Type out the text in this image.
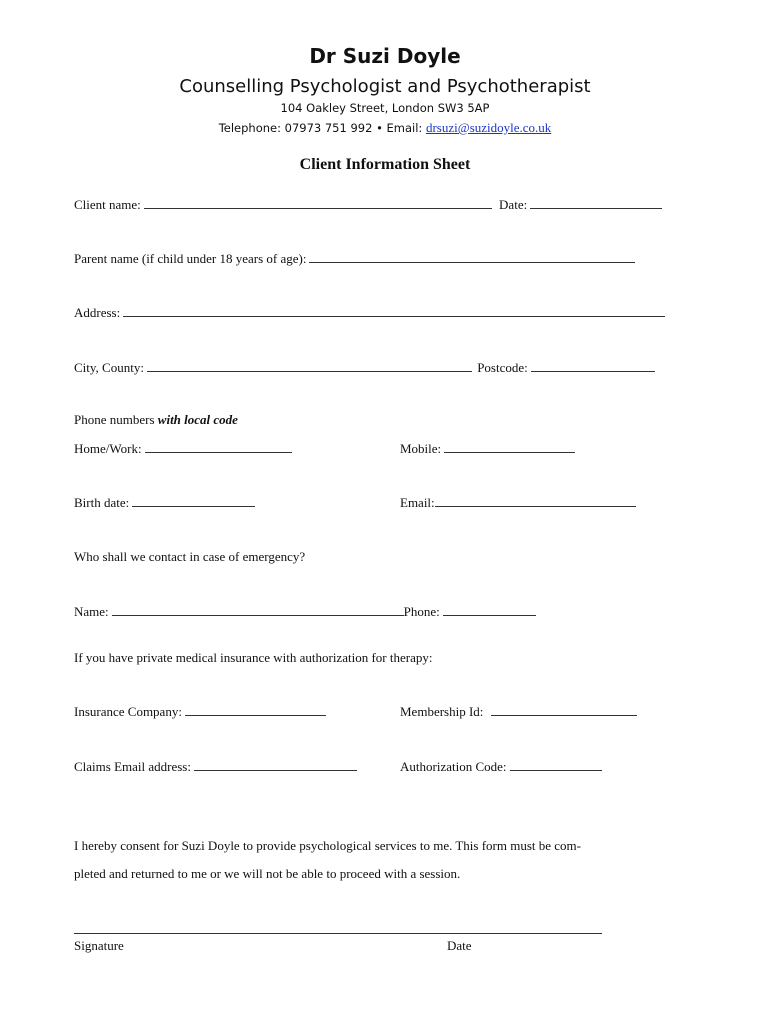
Dr Suzi Doyle
Counselling Psychologist and Psychotherapist
104 Oakley Street, London SW3 5AP
Telephone: 07973 751 992 • Email: drsuzi@suzidoyle.co.uk
Client Information Sheet
Client name:	Date:
Parent name (if child under 18 years of age):
Address:
City, County:	Postcode:
Phone numbers with local code
Home/Work:	Mobile:
Birth date:	Email:
Who shall we contact in case of emergency?
Name:	Phone:
If you have private medical insurance with authorization for therapy:
Insurance Company:	Membership Id:
Claims Email address:	Authorization Code:
I hereby consent for Suzi Doyle to provide psychological services to me. This form must be com-
pleted and returned to me or we will not be able to proceed with a session.
Signature	Date
